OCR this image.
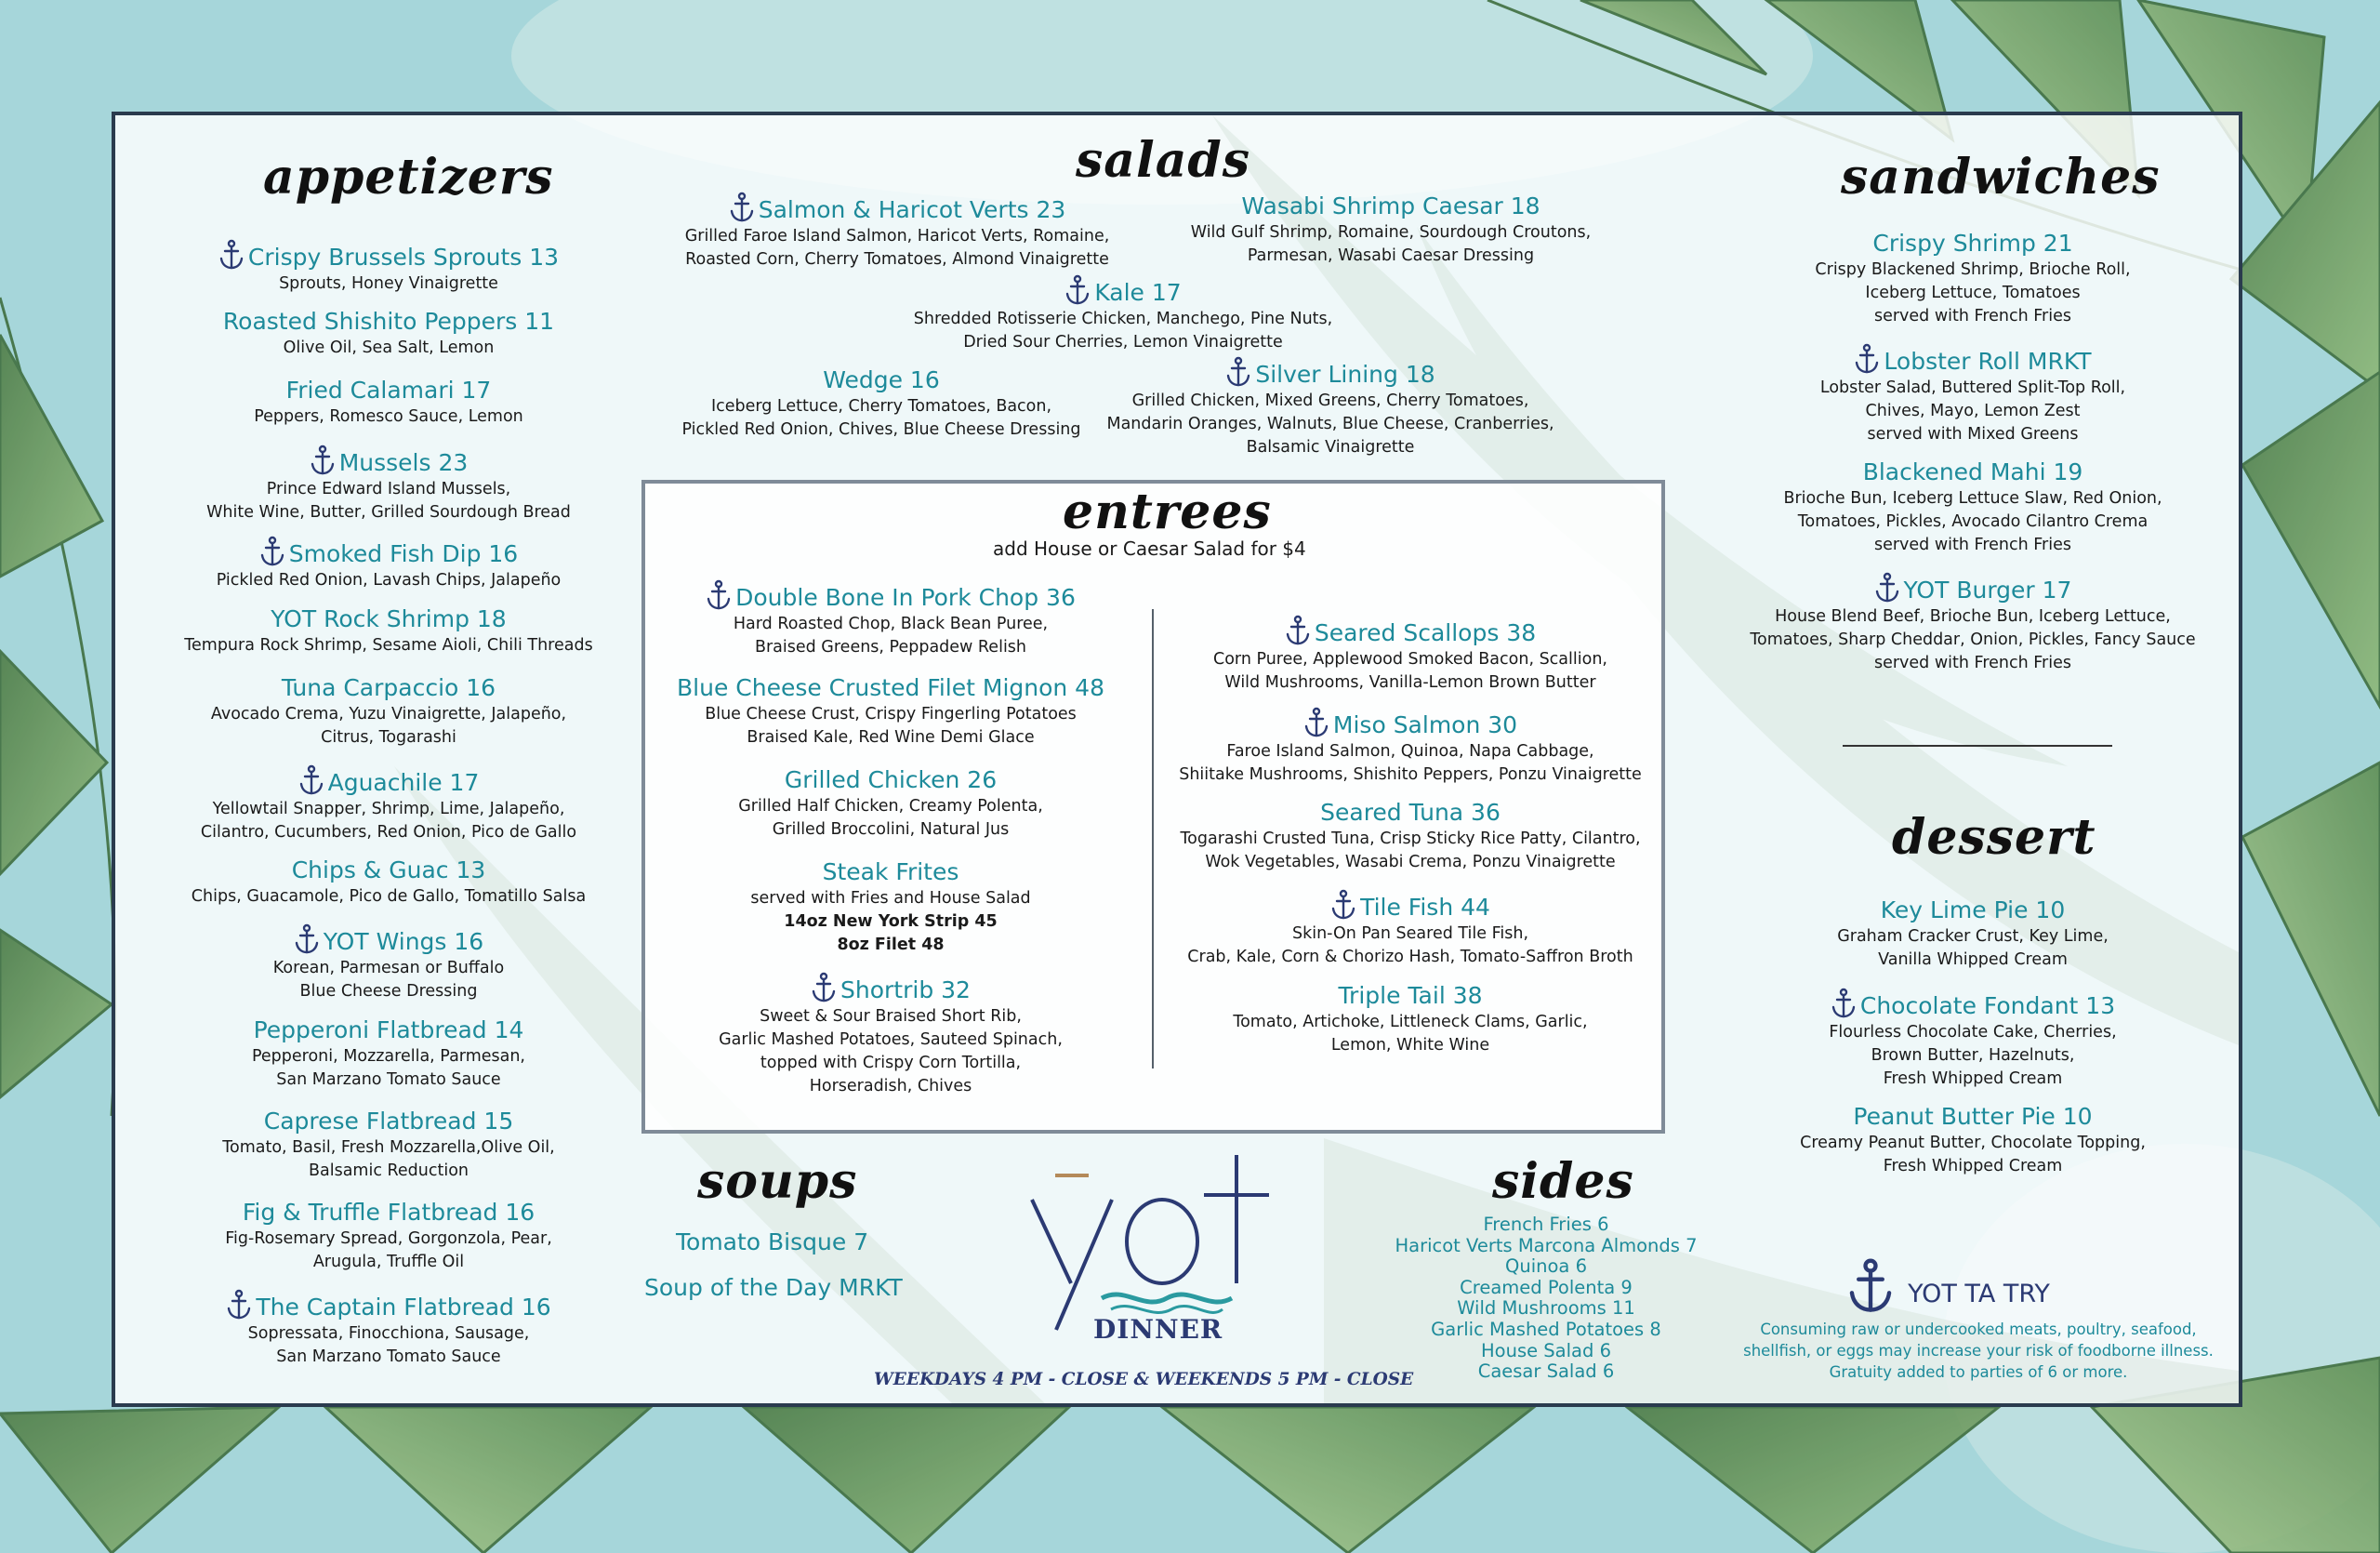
appetizers	salads	sandwiches
dessert
soups	sides
entrees
add House or Caesar Salad for $4
Crispy Brussels Sprouts 13
Sprouts, Honey Vinaigrette
Roasted Shishito Peppers 11
Olive Oil, Sea Salt, Lemon
Fried Calamari 17
Peppers, Romesco Sauce, Lemon
Mussels 23
Prince Edward Island Mussels,
White Wine, Butter, Grilled Sourdough Bread
Smoked Fish Dip 16
Pickled Red Onion, Lavash Chips, Jalapeño
YOT Rock Shrimp 18
Tempura Rock Shrimp, Sesame Aioli, Chili Threads
Tuna Carpaccio 16
Avocado Crema, Yuzu Vinaigrette, Jalapeño,
Citrus, Togarashi
Aguachile 17
Yellowtail Snapper, Shrimp, Lime, Jalapeño,
Cilantro, Cucumbers, Red Onion, Pico de Gallo
Chips & Guac 13
Chips, Guacamole, Pico de Gallo, Tomatillo Salsa
YOT Wings 16
Korean, Parmesan or Buffalo
Blue Cheese Dressing
Pepperoni Flatbread 14
Pepperoni, Mozzarella, Parmesan,
San Marzano Tomato Sauce
Caprese Flatbread 15
Tomato, Basil, Fresh Mozzarella,Olive Oil,
Balsamic Reduction
Fig & Truffle Flatbread 16
Fig-Rosemary Spread, Gorgonzola, Pear,
Arugula, Truffle Oil
The Captain Flatbread 16
Sopressata, Finocchiona, Sausage,
San Marzano Tomato Sauce
Salmon & Haricot Verts 23
Grilled Faroe Island Salmon, Haricot Verts, Romaine,
Roasted Corn, Cherry Tomatoes, Almond Vinaigrette
Wasabi Shrimp Caesar 18
Wild Gulf Shrimp, Romaine, Sourdough Croutons,
Parmesan, Wasabi Caesar Dressing
Kale 17
Shredded Rotisserie Chicken, Manchego, Pine Nuts,
Dried Sour Cherries, Lemon Vinaigrette
Wedge 16
Iceberg Lettuce, Cherry Tomatoes, Bacon,
Pickled Red Onion, Chives, Blue Cheese Dressing
Silver Lining 18
Grilled Chicken, Mixed Greens, Cherry Tomatoes,
Mandarin Oranges, Walnuts, Blue Cheese, Cranberries,
Balsamic Vinaigrette
Double Bone In Pork Chop 36
Hard Roasted Chop, Black Bean Puree,
Braised Greens, Peppadew Relish
Blue Cheese Crusted Filet Mignon 48
Blue Cheese Crust, Crispy Fingerling Potatoes
Braised Kale, Red Wine Demi Glace
Grilled Chicken 26
Grilled Half Chicken, Creamy Polenta,
Grilled Broccolini, Natural Jus
Steak Frites
served with Fries and House Salad
14oz New York Strip 45
8oz Filet 48
Shortrib 32
Sweet & Sour Braised Short Rib,
Garlic Mashed Potatoes, Sauteed Spinach,
topped with Crispy Corn Tortilla,
Horseradish, Chives
Seared Scallops 38
Corn Puree, Applewood Smoked Bacon, Scallion,
Wild Mushrooms, Vanilla-Lemon Brown Butter
Miso Salmon 30
Faroe Island Salmon, Quinoa, Napa Cabbage,
Shiitake Mushrooms, Shishito Peppers, Ponzu Vinaigrette
Seared Tuna 36
Togarashi Crusted Tuna, Crisp Sticky Rice Patty, Cilantro,
Wok Vegetables, Wasabi Crema, Ponzu Vinaigrette
Tile Fish 44
Skin-On Pan Seared Tile Fish,
Crab, Kale, Corn & Chorizo Hash, Tomato-Saffron Broth
Triple Tail 38
Tomato, Artichoke, Littleneck Clams, Garlic,
Lemon, White Wine
Crispy Shrimp 21
Crispy Blackened Shrimp, Brioche Roll,
Iceberg Lettuce, Tomatoes
served with French Fries
Lobster Roll MRKT
Lobster Salad, Buttered Split-Top Roll,
Chives, Mayo, Lemon Zest
served with Mixed Greens
Blackened Mahi 19
Brioche Bun, Iceberg Lettuce Slaw, Red Onion,
Tomatoes, Pickles, Avocado Cilantro Crema
served with French Fries
YOT Burger 17
House Blend Beef, Brioche Bun, Iceberg Lettuce,
Tomatoes, Sharp Cheddar, Onion, Pickles, Fancy Sauce
served with French Fries
Key Lime Pie 10
Graham Cracker Crust, Key Lime,
Vanilla Whipped Cream
Chocolate Fondant 13
Flourless Chocolate Cake, Cherries,
Brown Butter, Hazelnuts,
Fresh Whipped Cream
Peanut Butter Pie 10
Creamy Peanut Butter, Chocolate Topping,
Fresh Whipped Cream
Tomato Bisque 7
Soup of the Day MRKT
French Fries 6
Haricot Verts Marcona Almonds 7
Quinoa 6
Creamed Polenta 9
Wild Mushrooms 11
Garlic Mashed Potatoes 8
House Salad 6
Caesar Salad 6
DINNER
WEEKDAYS 4 PM - CLOSE & WEEKENDS 5 PM - CLOSE
YOT TA TRY
Consuming raw or undercooked meats, poultry, seafood,
shellfish, or eggs may increase your risk of foodborne illness.
Gratuity added to parties of 6 or more.
